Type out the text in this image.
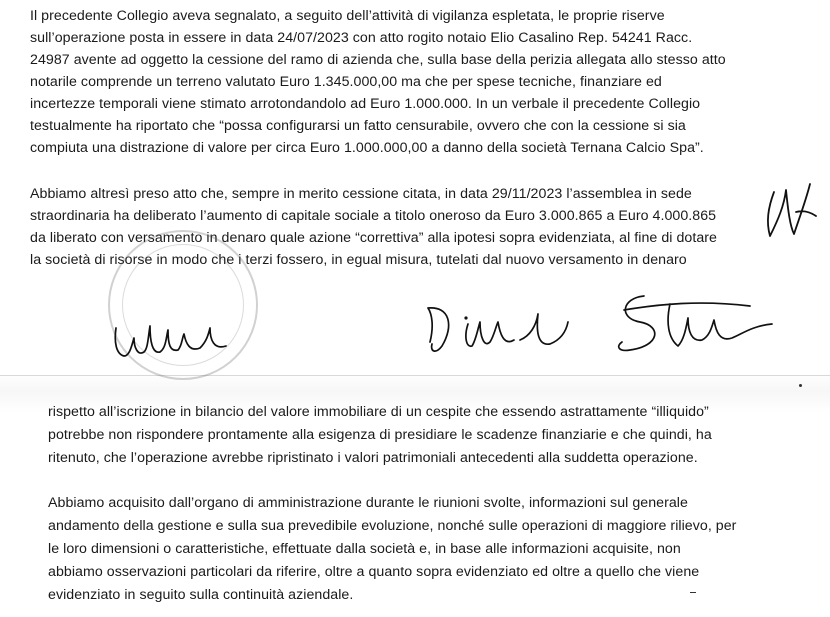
Il precedente Collegio aveva segnalato, a seguito dell’attività di vigilanza espletata, le proprie riserve
sull’operazione posta in essere in data 24/07/2023 con atto rogito notaio Elio Casalino Rep. 54241 Racc.
24987 avente ad oggetto la cessione del ramo di azienda che, sulla base della perizia allegata allo stesso atto
notarile comprende un terreno valutato Euro 1.345.000,00 ma che per spese tecniche, finanziare ed
incertezze temporali viene stimato arrotondandolo ad Euro 1.000.000. In un verbale il precedente Collegio
testualmente ha riportato che “possa configurarsi un fatto censurabile, ovvero che con la cessione si sia
compiuta una distrazione di valore per circa Euro 1.000.000,00 a danno della società Ternana Calcio Spa”.
Abbiamo altresì preso atto che, sempre in merito cessione citata, in data 29/11/2023 l’assemblea in sede
straordinaria ha deliberato l’aumento di capitale sociale a titolo oneroso da Euro 3.000.865 a Euro 4.000.865
da liberato con versamento in denaro quale azione “correttiva” alla ipotesi sopra evidenziata, al fine di dotare
la società di risorse in modo che i terzi fossero, in egual misura, tutelati dal nuovo versamento in denaro
rispetto all’iscrizione in bilancio del valore immobiliare di un cespite che essendo astrattamente “illiquido”
potrebbe non rispondere prontamente alla esigenza di presidiare le scadenze finanziarie e che quindi, ha
ritenuto, che l’operazione avrebbe ripristinato i valori patrimoniali antecedenti alla suddetta operazione.
Abbiamo acquisito dall’organo di amministrazione durante le riunioni svolte, informazioni sul generale
andamento della gestione e sulla sua prevedibile evoluzione, nonché sulle operazioni di maggiore rilievo, per
le loro dimensioni o caratteristiche, effettuate dalla società e, in base alle informazioni acquisite, non
abbiamo osservazioni particolari da riferire, oltre a quanto sopra evidenziato ed oltre a quello che viene
evidenziato in seguito sulla continuità aziendale.
